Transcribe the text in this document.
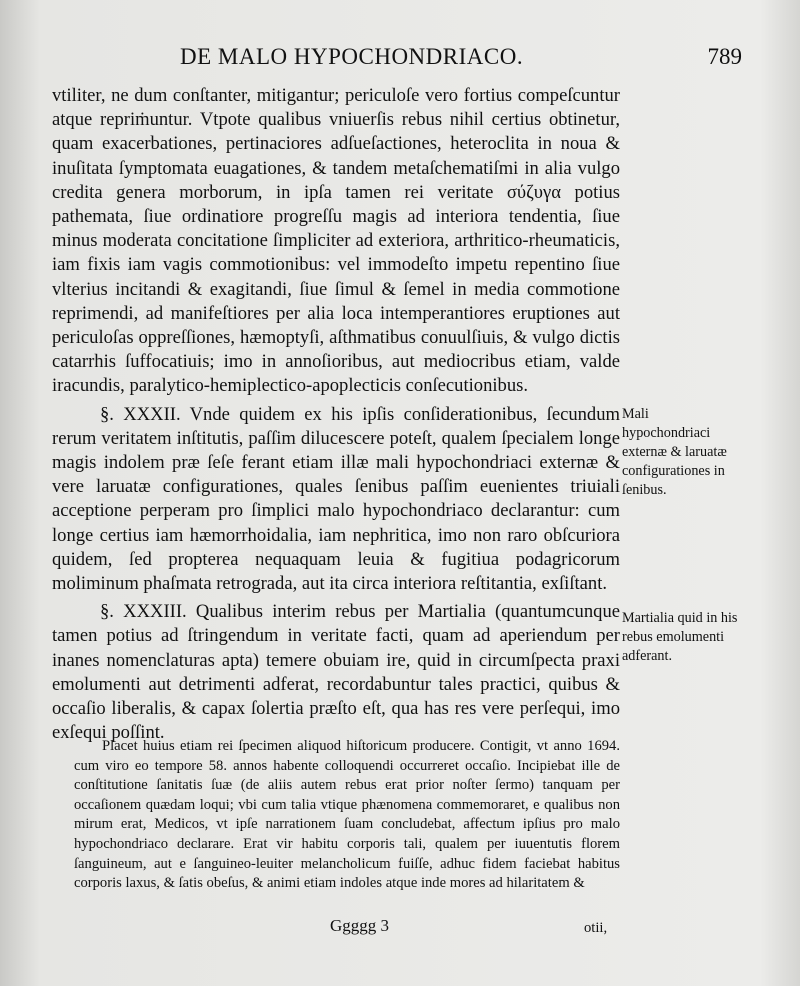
DE MALO HYPOCHONDRIACO.	789

vtiliter, ne dum conſtanter, mitigantur; periculoſe vero fortius compeſcuntur atque repriṁuntur. Vtpote qualibus vniuerſis rebus nihil certius obtinetur, quam exacerbationes, pertinaciores adſueſactiones, heteroclita in noua & inuſitata ſymptomata euagationes, & tandem metaſchematiſmi in alia vulgo credita genera morborum, in ipſa tamen rei veritate σύζυγα potius pathemata, ſiue ordinatiore progreſſu magis ad interiora tendentia, ſiue minus moderata concitatione ſimpliciter ad exteriora, arthritico-rheumaticis, iam fixis iam vagis commotionibus: vel immodeſto impetu repentino ſiue vlterius incitandi & exagitandi, ſiue ſimul & ſemel in media commotione reprimendi, ad manifeſtiores per alia loca intemperantiores eruptiones aut periculoſas oppreſſiones, hæmoptyſi, aſthmatibus conuulſiuis, & vulgo dictis catarrhis ſuffocatiuis; imo in annoſioribus, aut mediocribus etiam, valde iracundis, paralytico-hemiplectico-apoplecticis conſecutionibus.

§. XXXII. Vnde quidem ex his ipſis conſiderationibus, ſecundum rerum veritatem inſtitutis, paſſim dilucescere poteſt, qualem ſpecialem longe magis indolem præ ſeſe ferant etiam illæ mali hypochondriaci externæ & vere laruatæ configurationes, quales ſenibus paſſim euenientes triuiali acceptione perperam pro ſimplici malo hypochondriaco declarantur: cum longe certius iam hæmorrhoidalia, iam nephritica, imo non raro obſcuriora quidem, ſed propterea nequaquam leuia & fugitiua podagricorum moliminum phaſmata retrograda, aut ita circa interiora reſtitantia, exſiſtant.

§. XXXIII. Qualibus interim rebus per Martialia (quantumcunque tamen potius ad ſtringendum in veritate facti, quam ad aperiendum per inanes nomenclaturas apta) temere obuiam ire, quid in circumſpecta praxi emolumenti aut detrimenti adferat, recordabuntur tales practici, quibus & occaſio liberalis, & capax ſolertia præſto eſt, qua has res vere perſequi, imo exſequi poſſint.

Placet huius etiam rei ſpecimen aliquod hiſtoricum producere. Contigit, vt anno 1694. cum viro eo tempore 58. annos habente colloquendi occurreret occaſio. Incipiebat ille de conſtitutione ſanitatis ſuæ (de aliis autem rebus erat prior noſter ſermo) tanquam per occaſionem quædam loqui; vbi cum talia vtique phænomena commemoraret, e qualibus non mirum erat, Medicos, vt ipſe narrationem ſuam concludebat, affectum ipſius pro malo hypochondriaco declarare. Erat vir habitu corporis tali, qualem per iuuentutis florem ſanguineum, aut e ſanguineo-leuiter melancholicum fuiſſe, adhuc fidem faciebat habitus corporis laxus, & ſatis obeſus, & animi etiam indoles atque inde mores ad hilaritatem &

Mali hypochondriaci externæ & laruatæ configurationes in ſenibus.
Martialia quid in his rebus emolumenti adferant.
Ggggg 3	otii,
